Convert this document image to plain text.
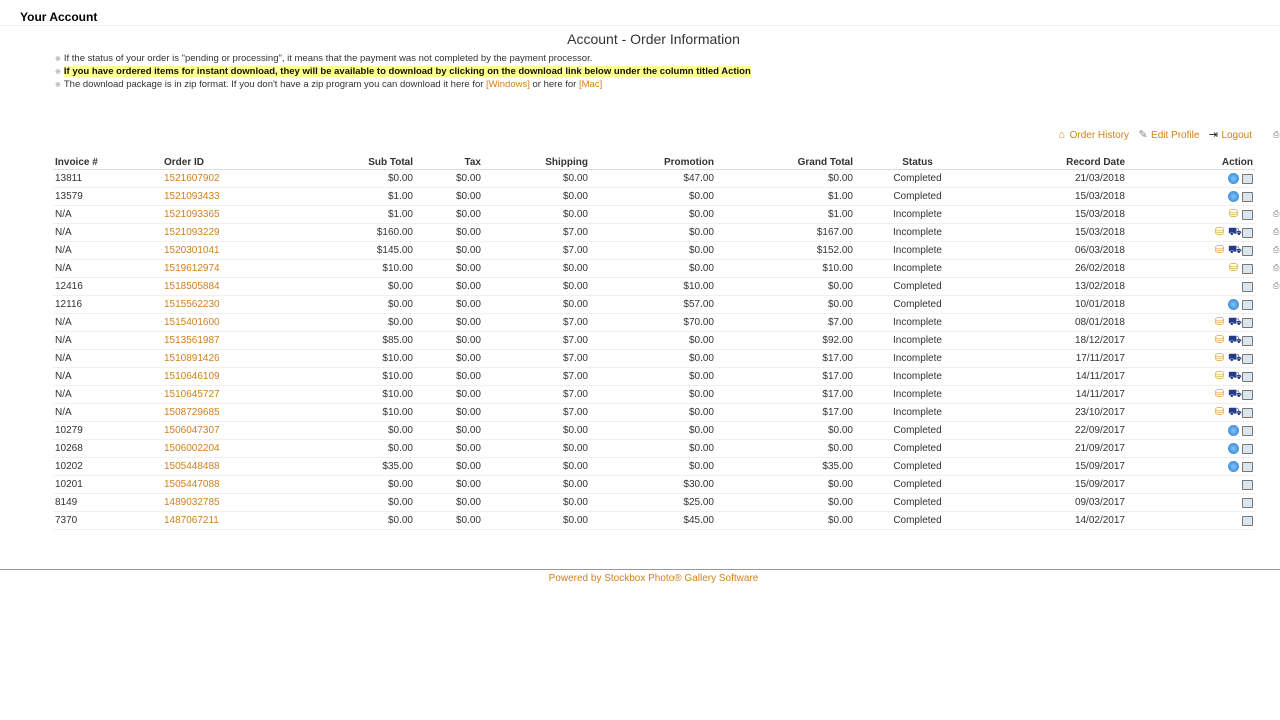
Your Account
Account - Order Information
※ If the status of your order is "pending or processing", it means that the payment was not completed by the payment processor.
※ If you have ordered items for instant download, they will be available to download by clicking on the download link below under the column titled Action
※ The download package is in zip format. If you don't have a zip program you can download it here for [Windows] or here for [Mac]
⌂ Order History ✎ Edit Profile ⇥ Logout	⎙
Invoice #	Order ID	Sub Total	Tax	Shipping	Promotion	Grand Total	Status	Record Date	Action
13811	1521607902	$0.00	$0.00	$0.00	$47.00	$0.00	Completed	21/03/2018	

13579	1521093433	$1.00	$0.00	$0.00	$0.00	$1.00	Completed	15/03/2018	

N/A	1521093365	$1.00	$0.00	$0.00	$0.00	$1.00	Incomplete	15/03/2018	⛁

N/A	1521093229	$160.00	$0.00	$7.00	$0.00	$167.00	Incomplete	15/03/2018	⛁ ⛟

N/A	1520301041	$145.00	$0.00	$7.00	$0.00	$152.00	Incomplete	06/03/2018	⛁ ⛟

N/A	1519612974	$10.00	$0.00	$0.00	$0.00	$10.00	Incomplete	26/02/2018	⛁

12416	1518505884	$0.00	$0.00	$0.00	$10.00	$0.00	Completed	13/02/2018	

12116	1515562230	$0.00	$0.00	$0.00	$57.00	$0.00	Completed	10/01/2018	

N/A	1515401600	$0.00	$0.00	$7.00	$70.00	$7.00	Incomplete	08/01/2018	⛁ ⛟

N/A	1513561987	$85.00	$0.00	$7.00	$0.00	$92.00	Incomplete	18/12/2017	⛁ ⛟

N/A	1510891426	$10.00	$0.00	$7.00	$0.00	$17.00	Incomplete	17/11/2017	⛁ ⛟

N/A	1510646109	$10.00	$0.00	$7.00	$0.00	$17.00	Incomplete	14/11/2017	⛁ ⛟

N/A	1510645727	$10.00	$0.00	$7.00	$0.00	$17.00	Incomplete	14/11/2017	⛁ ⛟

N/A	1508729685	$10.00	$0.00	$7.00	$0.00	$17.00	Incomplete	23/10/2017	⛁ ⛟

10279	1506047307	$0.00	$0.00	$0.00	$0.00	$0.00	Completed	22/09/2017	

10268	1506002204	$0.00	$0.00	$0.00	$0.00	$0.00	Completed	21/09/2017	

10202	1505448488	$35.00	$0.00	$0.00	$0.00	$35.00	Completed	15/09/2017	

10201	1505447088	$0.00	$0.00	$0.00	$30.00	$0.00	Completed	15/09/2017	

8149	1489032785	$0.00	$0.00	$0.00	$25.00	$0.00	Completed	09/03/2017	

7370	1487067211	$0.00	$0.00	$0.00	$45.00	$0.00	Completed	14/02/2017	
Powered by Stockbox Photo® Gallery Software
⎙
⎙
⎙
⎙
⎙
